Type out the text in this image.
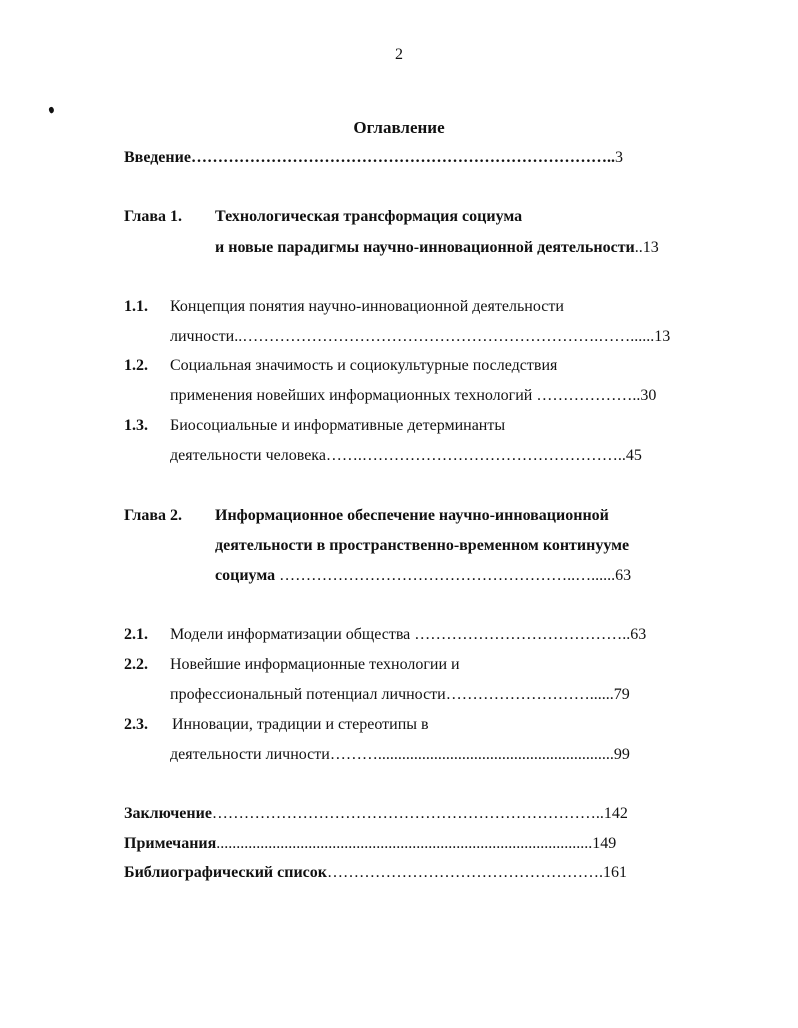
2
Оглавление
Введение……………………………………………………………………..3
Глава 1. Технологическая трансформация социума
и новые парадигмы научно-инновационной деятельности..13
1.1. Концепция понятия научно-инновационной деятельности
личности..………………………………………………………….……......13
1.2. Социальная значимость и социокультурные последствия
применения новейших информационных технологий ………………..30
1.3. Биосоциальные и информативные детерминанты
деятельности человека…….…………………………………………..45
Глава 2. Информационное обеспечение научно-инновационной
деятельности в пространственно-временном континууме
социума ………………………………………………..…......63
2.1. Модели информатизации общества …………………………………..63
2.2. Новейшие информационные технологии и
профессиональный потенциал личности………………………......79
2.3. Инновации, традиции и стереотипы в
деятельности личности………...........................................................99
Заключение………………………………………………………………..142
Примечания..............................................................................................149
Библиографический список…………………………………………….161
